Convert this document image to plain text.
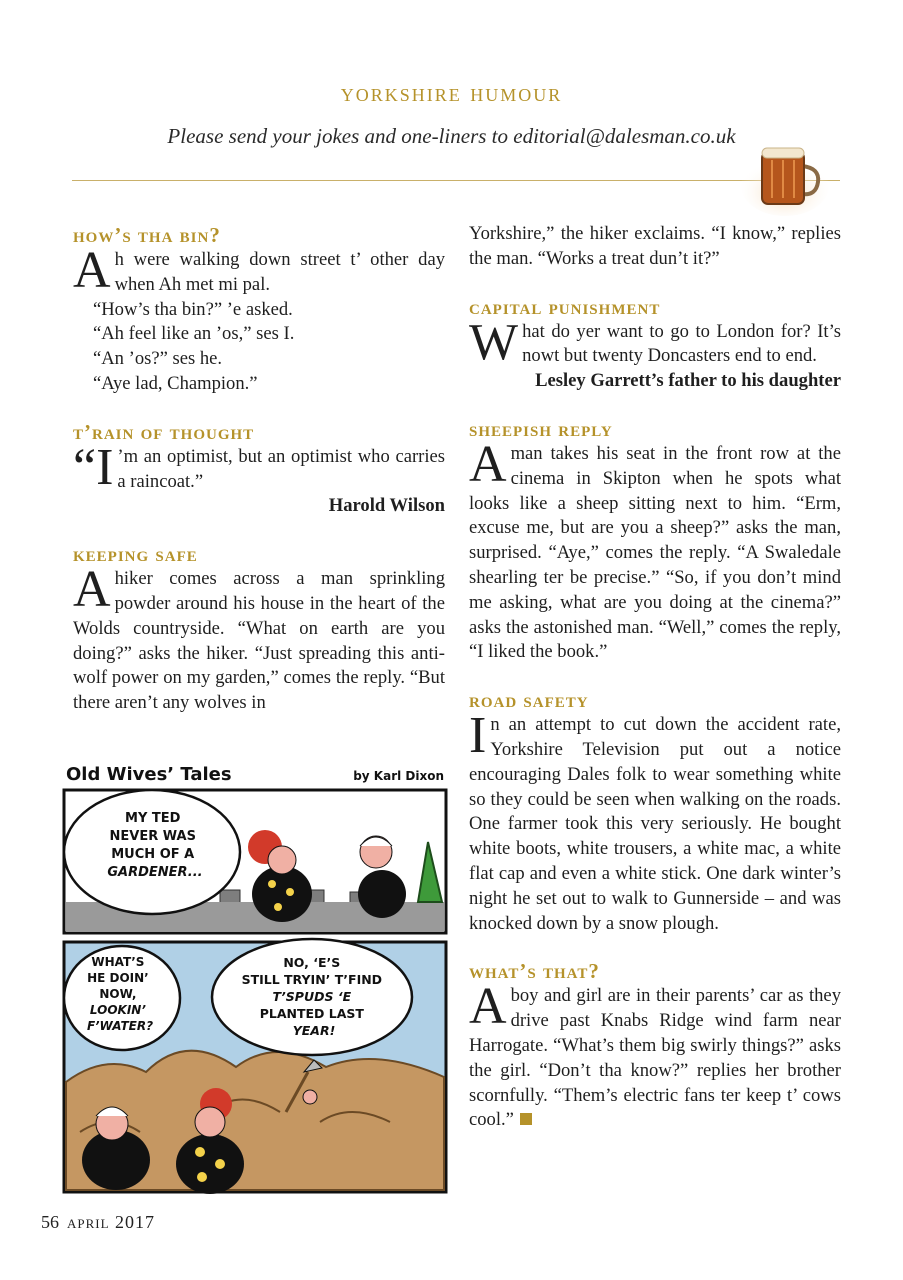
yorkshire humour
Please send your jokes and one-liners to editorial@dalesman.co.uk
how’s tha bin?

Ah were walking down street t’ other day when Ah met mi pal.

“How’s tha bin?” ’e asked.

“Ah feel like an ’os,” ses I.

“An ’os?” ses he.

“Aye lad, Champion.”

t’rain of thought

“I ’m an optimist, but an optimist who carries a raincoat.”

Harold Wilson

keeping safe

Ahiker comes across a man sprinkling powder around his house in the heart of the Wolds countryside. “What on earth are you doing?” asks the hiker. “Just spreading this anti-wolf power on my garden,” comes the reply. “But there aren’t any wolves in

Yorkshire,” the hiker exclaims. “I know,” replies the man. “Works a treat dun’t it?”

capital punishment

What do yer want to go to London for? It’s nowt but twenty Doncasters end to end.

Lesley Garrett’s father to his daughter

sheepish reply

Aman takes his seat in the front row at the cinema in Skipton when he spots what looks like a sheep sitting next to him. “Erm, excuse me, but are you a sheep?” asks the man, surprised. “Aye,” comes the reply. “A Swaledale shearling ter be precise.” “So, if you don’t mind me asking, what are you doing at the cinema?” asks the astonished man. “Well,” comes the reply, “I liked the book.”

road safety

In an attempt to cut down the accident rate, Yorkshire Television put out a notice encouraging Dales folk to wear something white so they could be seen when walking on the roads. One farmer took this very seriously. He bought white boots, white trousers, a white mac, a white flat cap and even a white stick. One dark winter’s night he set out to walk to Gunnerside – and was knocked down by a snow plough.

what’s that?

Aboy and girl are in their parents’ car as they drive past Knabs Ridge wind farm near Harrogate. “What’s them big swirly things?” asks the girl. “Don’t tha know?” replies her brother scornfully. “Them’s electric fans ter keep t’ cows cool.”

Old Wives’ Tales	by Karl Dixon
MY TED NEVER WAS MUCH OF A GARDENER...
WHAT’S HE DOIN’ NOW, LOOKIN’ F’WATER?
NO, ‘E’S STILL TRYIN’ T’FIND T’SPUDS ‘E PLANTED LAST YEAR!
56 april 2017
